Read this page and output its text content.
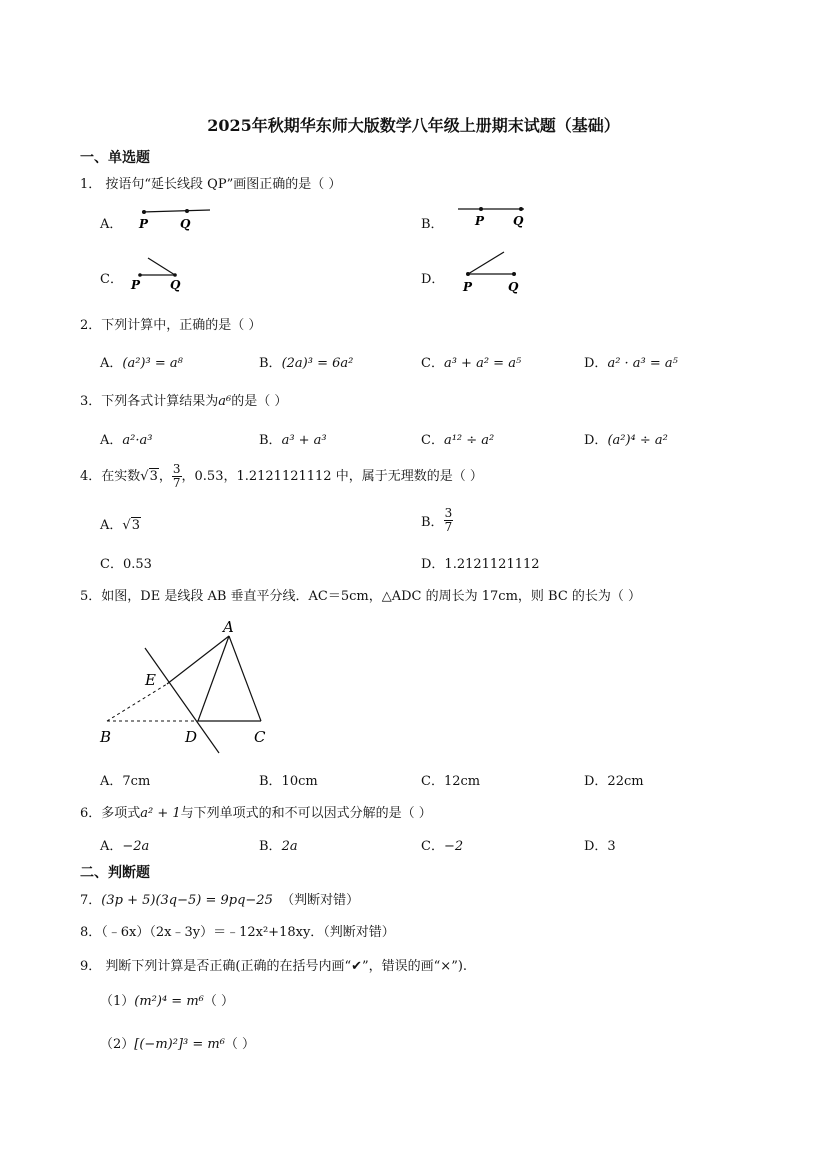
2025年秋期华东师大版数学八年级上册期末试题（基础）
一、单选题
1． 按语句“延长线段 QP”画图正确的是（ ）
A． P	Q	B．	P Q
C． P Q	D． P	Q
2．下列计算中，正确的是（ ）
A．(a²)³ = a⁸	B．(2a)³ = 6a²	C．a³ + a² = a⁵	D．a² · a³ = a⁵
3．下列各式计算结果为a⁶的是（ ）
A．a²·a³	B．a³ + a³	C．a¹² ÷ a²	D．(a²)⁴ ÷ a²
4．在实数√3， $\frac{3}{7}$ ，0.53，1.2121121112 中，属于无理数的是（ ）
A．√3	B． $\frac{3}{7}$
C．0.53	D．1.2121121112
5．如图，DE 是线段 AB 垂直平分线．AC＝5cm，△ADC 的周长为 17cm，则 BC 的长为（ ）
A
E
B	D	C
A．7cm	B．10cm	C．12cm	D．22cm
6．多项式a² + 1与下列单项式的和不可以因式分解的是（ ）
A．−2a	B．2a	C．−2	D．3
二、判断题
7．(3p + 5)(3q−5) = 9pq−25 （判断对错）
8．（﹣6x）（2x﹣3y）＝﹣12x²+18xy．（判断对错）
9． 判断下列计算是否正确(正确的在括号内画“✔”，错误的画“×”).
（1）(m²)⁴ = m⁶（ ）
（2）[(−m)²]³ = m⁶（ ）
